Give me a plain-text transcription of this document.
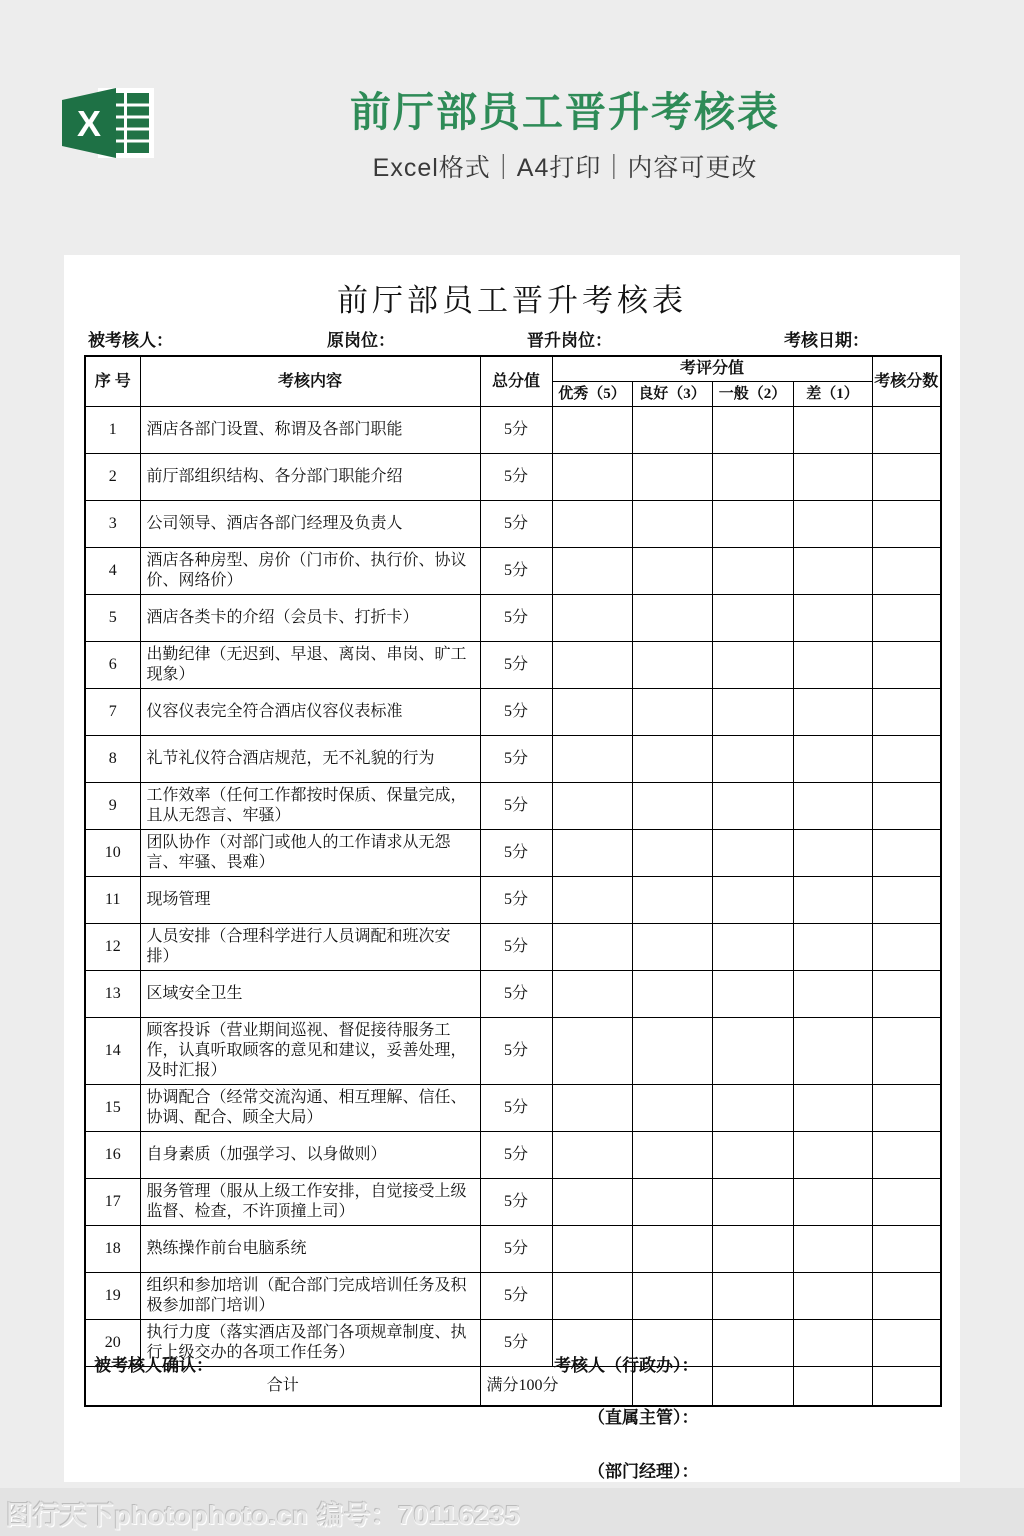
X	前厅部员工晋升考核表
Excel格式｜A4打印｜内容可更改
前厅部员工晋升考核表
被考核人：	原岗位：	晋升岗位：	考核日期：
序 号	考核内容	总分值	考评分值				考核分数
			优秀（5）	良好（3）	一般（2）	差（1）	
1	酒店各部门设置、称谓及各部门职能	5分					
2	前厅部组织结构、各分部门职能介绍	5分					
3	公司领导、酒店各部门经理及负责人	5分					
4	酒店各种房型、房价（门市价、执行价、协议价、网络价）	5分					
5	酒店各类卡的介绍（会员卡、打折卡）	5分					
6	出勤纪律（无迟到、早退、离岗、串岗、旷工现象）	5分					
7	仪容仪表完全符合酒店仪容仪表标准	5分					
8	礼节礼仪符合酒店规范，无不礼貌的行为	5分					
9	工作效率（任何工作都按时保质、保量完成，且从无怨言、牢骚）	5分					
10	团队协作（对部门或他人的工作请求从无怨言、牢骚、畏难）	5分					
11	现场管理	5分					
12	人员安排（合理科学进行人员调配和班次安排）	5分					
13	区域安全卫生	5分					
14	顾客投诉（营业期间巡视、督促接待服务工作，认真听取顾客的意见和建议，妥善处理，及时汇报）	5分					
15	协调配合（经常交流沟通、相互理解、信任、协调、配合、顾全大局）	5分					
16	自身素质（加强学习、以身做则）	5分					
17	服务管理（服从上级工作安排，自觉接受上级监督、检查，不许顶撞上司）	5分					
18	熟练操作前台电脑系统	5分					
19	组织和参加培训（配合部门完成培训任务及积极参加部门培训）	5分					
20	执行力度（落实酒店及部门各项规章制度、执行上级交办的各项工作任务）	5分					
合计		满分100分					
被考核人确认：	考核人（行政办）：
（直属主管）：
（部门经理）：
图行天下photophoto.cn 编号：70116235
